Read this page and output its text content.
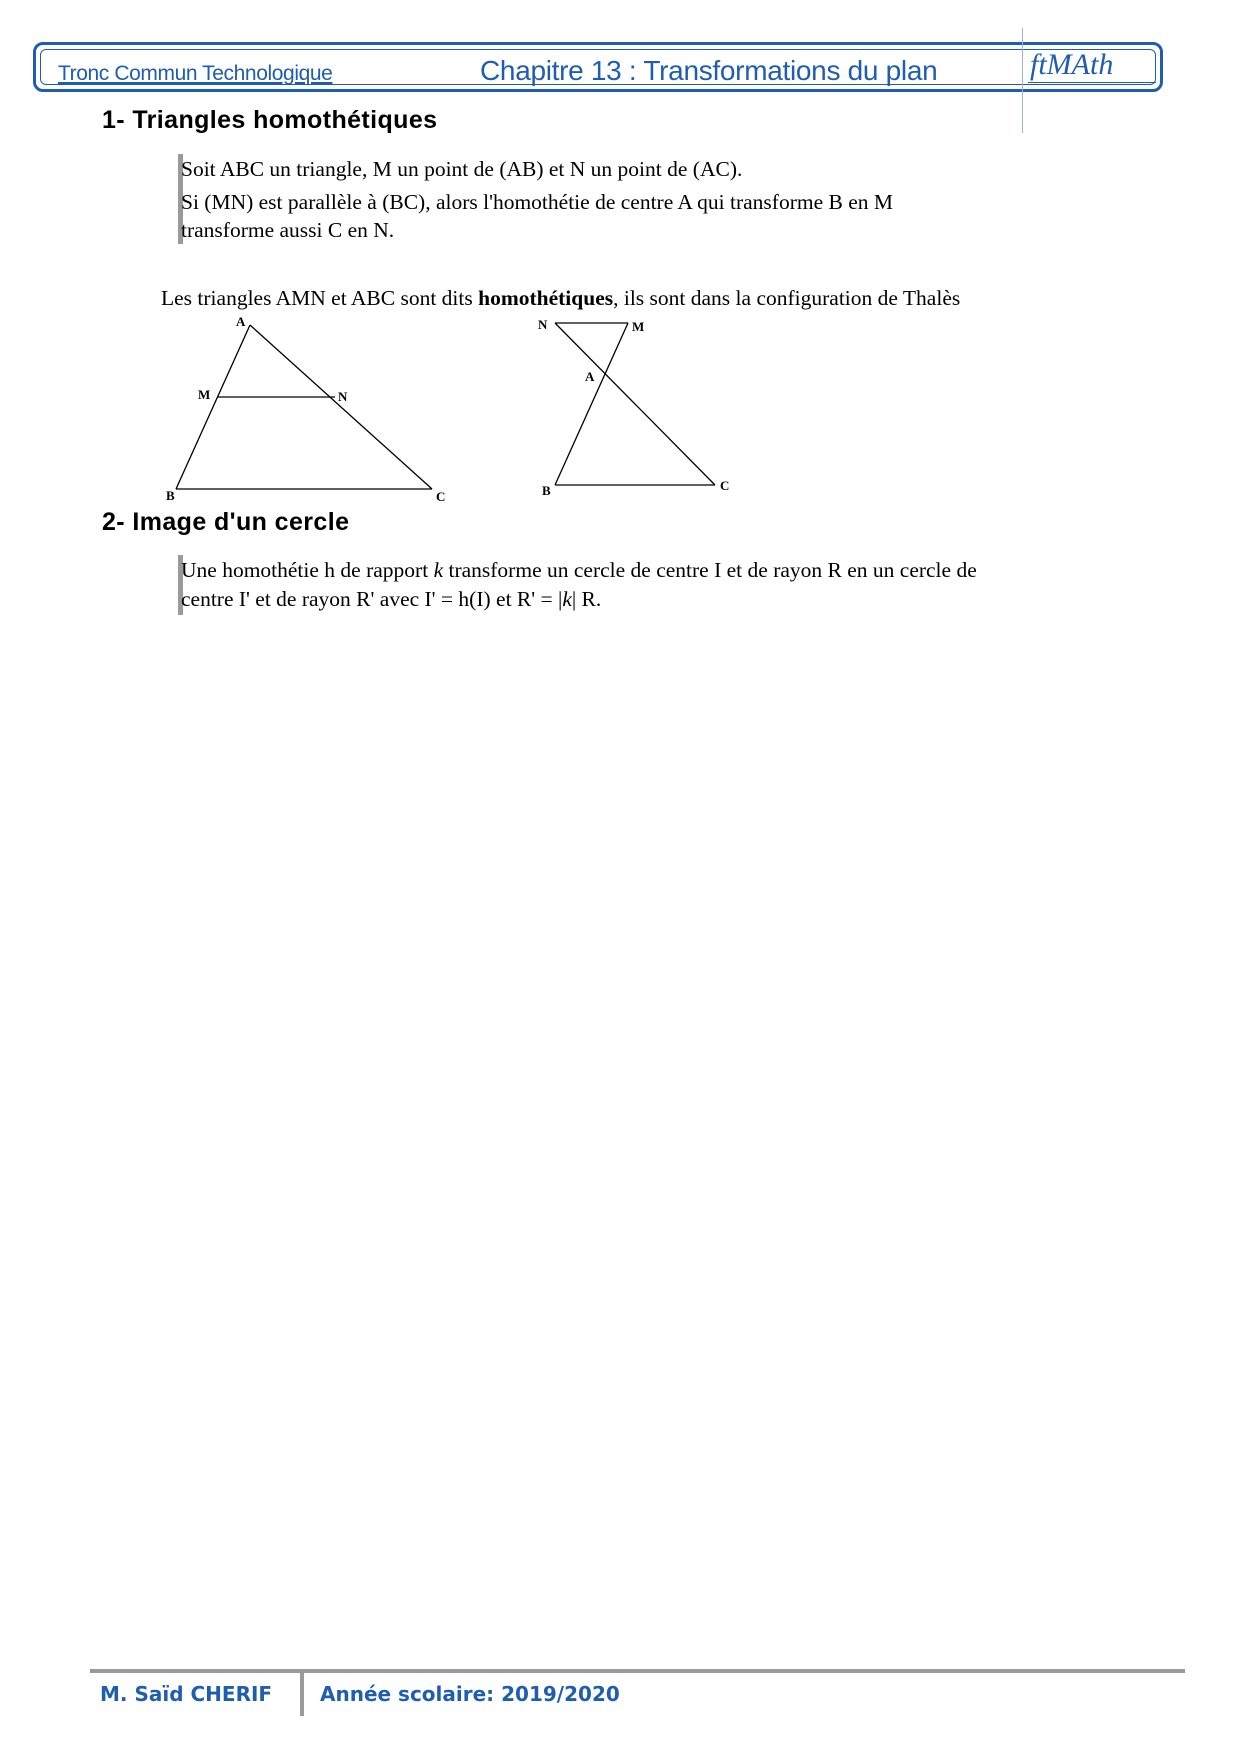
Tronc Commun Technologique	Chapitre 13 : Transformations du plan	ftMAth
1- Triangles homothétiques
Soit ABC un triangle, M un point de (AB) et N un point de (AC).
Si (MN) est parallèle à (BC), alors l'homothétie de centre A qui transforme B en M
transforme aussi C en N.
Les triangles AMN et ABC sont dits homothétiques, ils sont dans la configuration de Thalès
A
M	N
B	C
N	M
A
B	C
2- Image d'un cercle
Une homothétie h de rapport k transforme un cercle de centre I et de rayon R en un cercle de
centre I' et de rayon R' avec I' = h(I) et R' = |k| R.
M. Saïd CHERIF Année scolaire: 2019/2020
